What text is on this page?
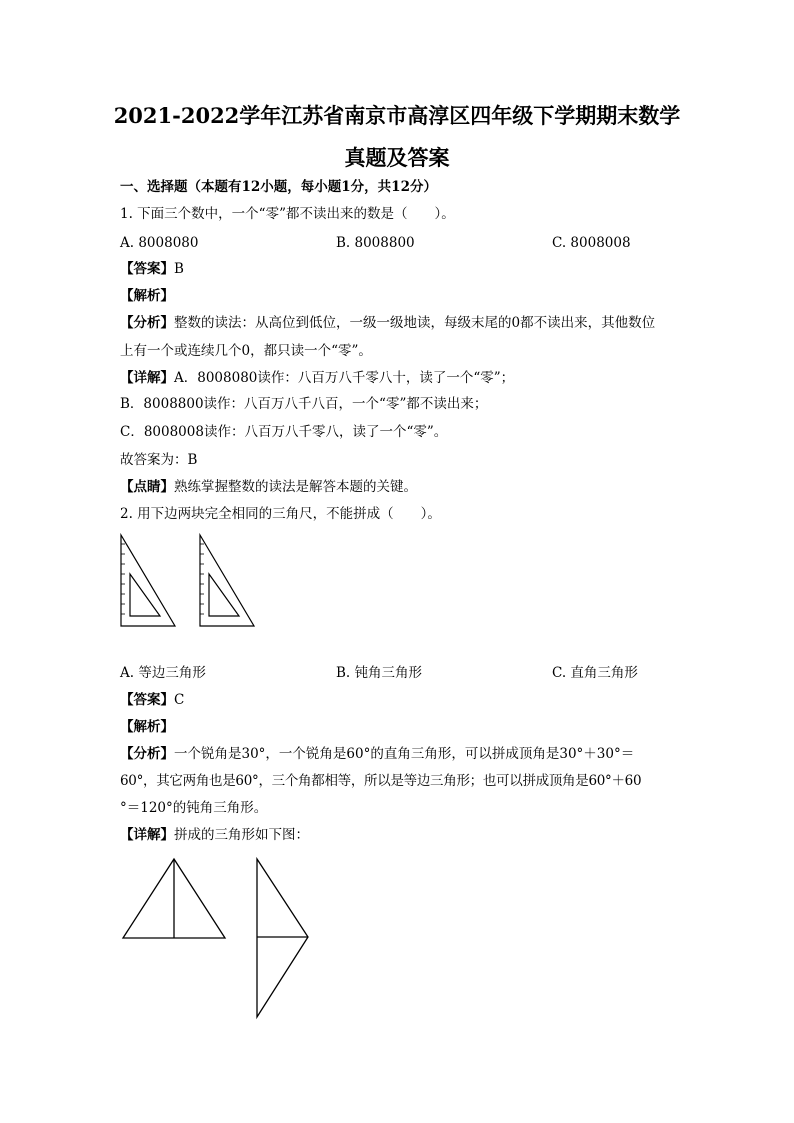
2021-2022学年江苏省南京市高淳区四年级下学期期末数学
真题及答案
一、选择题（本题有12小题，每小题1分，共12分）
1. 下面三个数中，一个“零”都不读出来的数是（　　）。
A. 8008080	B. 8008800	C. 8008008
【答案】B
【解析】
【分析】整数的读法：从高位到低位，一级一级地读，每级末尾的0都不读出来，其他数位
上有一个或连续几个0，都只读一个“零”。
【详解】A．8008080读作：八百万八千零八十，读了一个“零”；
B．8008800读作：八百万八千八百，一个“零”都不读出来；
C．8008008读作：八百万八千零八，读了一个“零”。
故答案为：B
【点睛】熟练掌握整数的读法是解答本题的关键。
2. 用下边两块完全相同的三角尺，不能拼成（　　）。
A. 等边三角形	B. 钝角三角形	C. 直角三角形
【答案】C
【解析】
【分析】一个锐角是30°，一个锐角是60°的直角三角形，可以拼成顶角是30°＋30°＝
60°，其它两角也是60°，三个角都相等，所以是等边三角形；也可以拼成顶角是60°＋60
°＝120°的钝角三角形。
【详解】拼成的三角形如下图：
